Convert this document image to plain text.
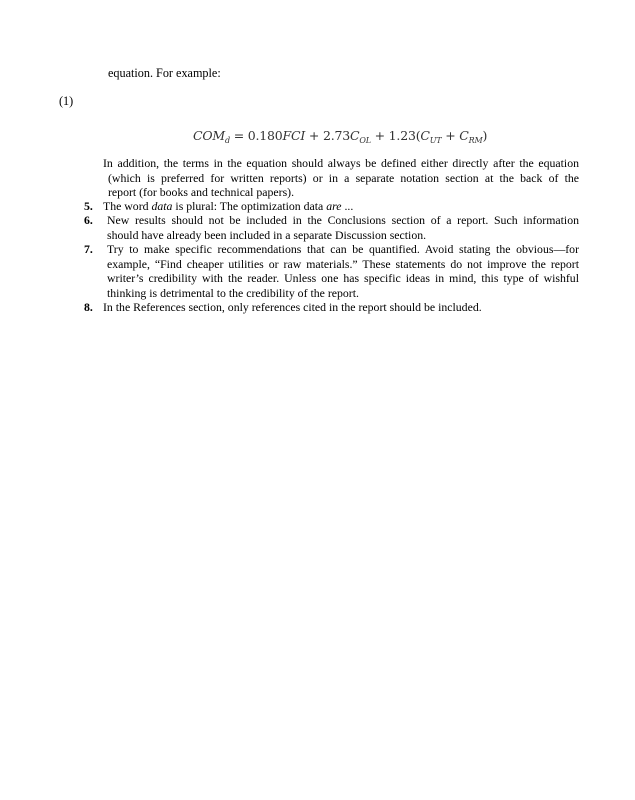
equation. For example:
(1)
$COM_d = 0.180FCI + 2.73C_{OL} + 1.23(C_{UT} + C_{RM})$
In addition, the terms in the equation should always be defined either directly after the equation
(which is preferred for written reports) or in a separate notation section at the back of the
report (for books and technical papers).
5. The word data is plural: The optimization data are ...
6.	New results should not be included in the Conclusions section of a report. Such information
should have already been included in a separate Discussion section.
7.	Try to make specific recommendations that can be quantified. Avoid stating the obvious—for
example, “Find cheaper utilities or raw materials.” These statements do not improve the report
writer’s credibility with the reader. Unless one has specific ideas in mind, this type of wishful
thinking is detrimental to the credibility of the report.
8. In the References section, only references cited in the report should be included.
